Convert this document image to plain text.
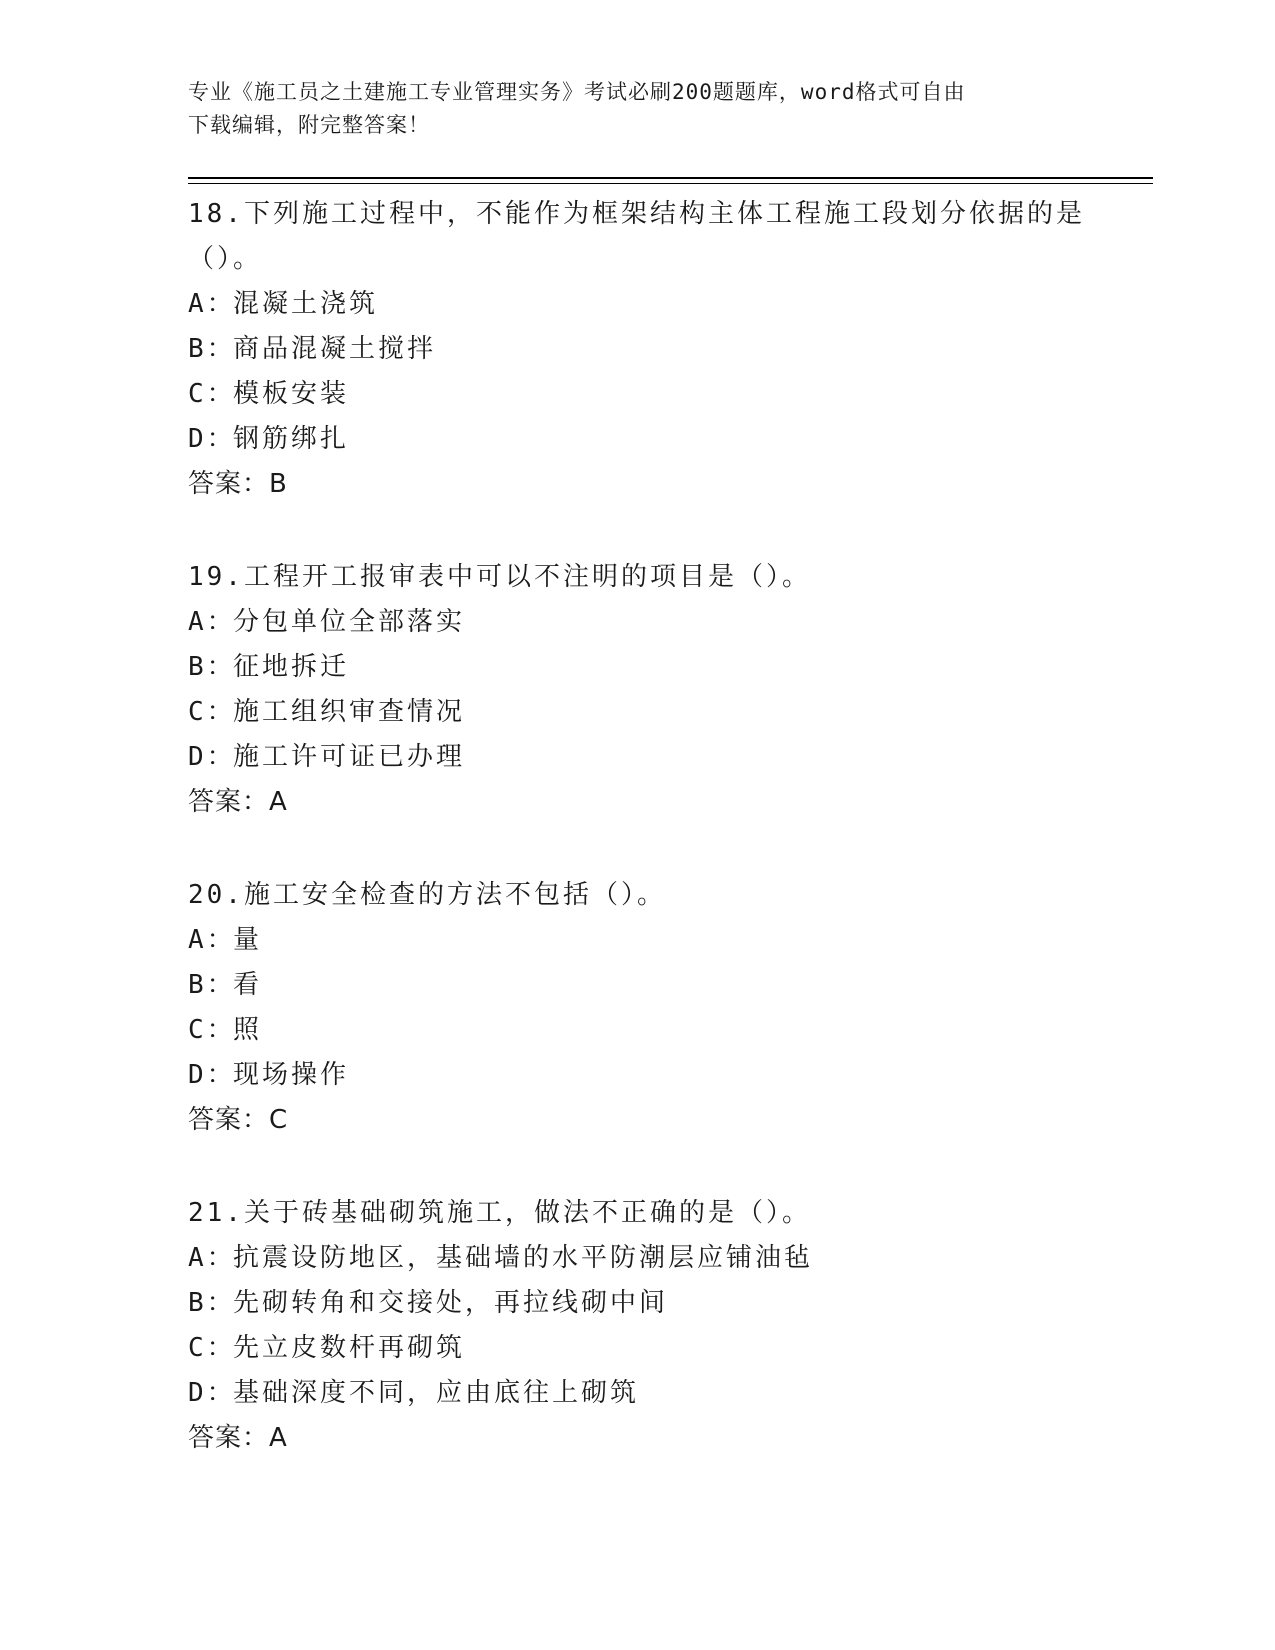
专业《施工员之土建施工专业管理实务》考试必刷200题题库，word格式可自由
下载编辑，附完整答案！

18.下列施工过程中，不能作为框架结构主体工程施工段划分依据的是

（）。

A：混凝土浇筑

B：商品混凝土搅拌

C：模板安装

D：钢筋绑扎

答案：B

19.工程开工报审表中可以不注明的项目是（）。

A：分包单位全部落实

B：征地拆迁

C：施工组织审查情况

D：施工许可证已办理

答案：A

20.施工安全检查的方法不包括（）。

A：量

B：看

C：照

D：现场操作

答案：C

21.关于砖基础砌筑施工，做法不正确的是（）。

A：抗震设防地区，基础墙的水平防潮层应铺油毡

B：先砌转角和交接处，再拉线砌中间

C：先立皮数杆再砌筑

D：基础深度不同，应由底往上砌筑

答案：A
